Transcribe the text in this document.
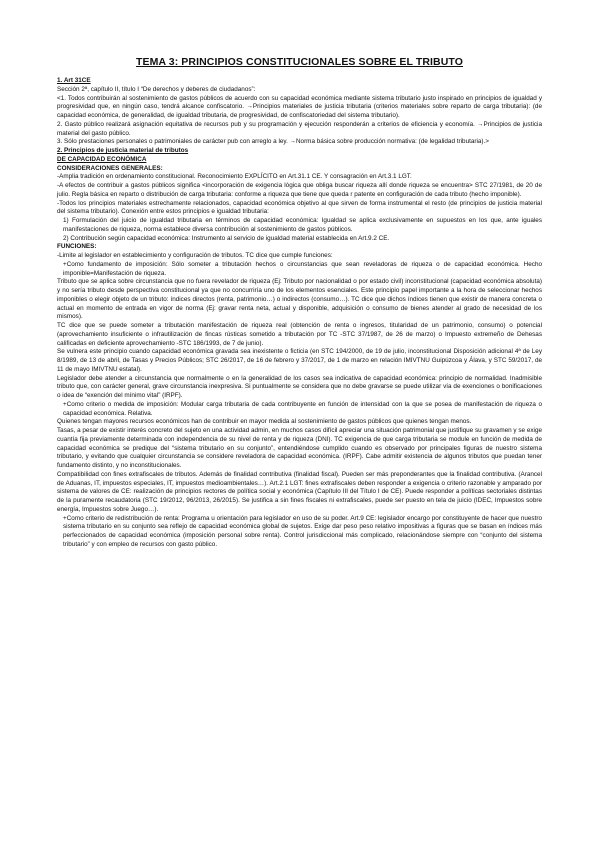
TEMA 3: PRINCIPIOS CONSTITUCIONALES SOBRE EL TRIBUTO

1. Art 31CE

Sección 2ª, capítulo II, título I “De derechos y deberes de ciudadanos”:

<1. Todos contribuirán al sostenimiento de gastos públicos de acuerdo con su capacidad económica mediante sistema tributario justo inspirado en principios de igualdad y progresividad que, en ningún caso, tendrá alcance confiscatorio. →Principios materiales de justicia tributaria (criterios materiales sobre reparto de carga tributaria): (de capacidad económica, de generalidad, de igualdad tributaria, de progresividad, de confiscatoriedad del sistema tributario).

2. Gasto público realizará asignación equitativa de recursos pub y su programación y ejecución responderán a criterios de eficiencia y economía. →Principios de justicia material del gasto público.

3. Sólo prestaciones personales o patrimoniales de carácter pub con arreglo a ley. →Norma básica sobre producción normativa: (de legalidad tributaria).>

2. Principios de justicia material de tributos

DE CAPACIDAD ECONÓMICA

CONSIDERACIONES GENERALES:

-Amplia tradición en ordenamiento constitucional. Reconocimiento EXPLÍCITO en Art.31.1 CE. Y consagración en Art.3.1 LGT.

-A efectos de contribuir a gastos públicos significa <incorporación de exigencia lógica que obliga buscar riqueza allí donde riqueza se encuentra> STC 27/1981, de 20 de julio. Regla básica en reparto o distribución de carga tributaria: conforme a riqueza que tiene que queda r patente en configuración de cada tributo (hecho imponible).

-Todos los principios materiales estrechamente relacionados, capacidad económica objetivo al que sirven de forma instrumental el resto (de principios de justicia material del sistema tributario). Conexión entre estos principios e igualdad tributaria:

1) Formulación del juicio de igualdad tributaria en términos de capacidad económica: Igualdad se aplica exclusivamente en supuestos en los que, ante iguales manifestaciones de riqueza, norma establece diversa contribución al sostenimiento de gastos públicos.

2) Contribución según capacidad económica: Instrumento al servicio de igualdad material establecida en Art.9.2 CE.

FUNCIONES:

-Limite al legislador en establecimiento y configuración de tributos. TC dice que cumple funciones:

+Como fundamento de imposición: Sólo someter a tributación hechos o circunstancias que sean reveladoras de riqueza o de capacidad económica. Hecho imponible=Manifestación de riqueza.

Tributo que se aplica sobre circunstancia que no fuera revelador de riqueza (Ej: Tributo por nacionalidad o por estado civil) inconstitucional (capacidad económica absoluta) y no sería tributo desde perspectiva constitucional ya que no concurriría uno de los elementos esenciales. Este principio papel importante a la hora de seleccionar hechos imponibles o elegir objeto de un tributo: índices directos (renta, patrimonio…) o indirectos (consumo…). TC dice que dichos índices tienen que existir de manera concreta o actual en momento de entrada en vigor de norma (Ej: gravar renta neta, actual y disponible, adquisición o consumo de bienes atender al grado de necesidad de los mismos).

TC dice que se puede someter a tributación manifestación de riqueza real (obtención de renta o ingresos, titularidad de un patrimonio, consumo) o potencial (aprovechamiento insuficiente o infrautilización de fincas rústicas sometido a tributación por TC -STC 37/1987, de 26 de marzo) o Impuesto extremeño de Dehesas calificadas en deficiente aprovechamiento -STC 186/1993, de 7 de junio).

Se vulnera este principio cuando capacidad económica gravada sea inexistente o ficticia (en STC 194/2000, de 19 de julio, inconstitucional Disposición adicional 4ª de Ley 8/1989, de 13 de abril, de Tasas y Precios Públicos; STC 26/2017, de 16 de febrero y 37/2017, de 1 de marzo en relación IMIVTNU Guipúzcoa y Álava, y STC 59/2017, de 11 de mayo IMIVTNU estatal).

Legislador debe atender a circunstancia que normalmente o en la generalidad de los casos sea indicativa de capacidad económica: principio de normalidad. Inadmisible tributo que, con carácter general, grave circunstancia inexpresiva. Si puntualmente se considera que no debe gravarse se puede utilizar vía de exenciones o bonificaciones o idea de “exención del mínimo vital” (IRPF).

+Como criterio o medida de imposición: Modular carga tributaria de cada contribuyente en función de intensidad con la que se posea de manifestación de riqueza o capacidad económica. Relativa.

Quienes tengan mayores recursos económicos han de contribuir en mayor medida al sostenimiento de gastos públicos que quienes tengan menos.

Tasas, a pesar de existir interés concreto del sujeto en una actividad admin, en muchos casos difícil apreciar una situación patrimonial que justifique su gravamen y se exige cuantía fija previamente determinada con independencia de su nivel de renta y de riqueza (DNI). TC exigencia de que carga tributaria se module en función de medida de capacidad económica se predique del “sistema tributario en su conjunto”, entendiéndose cumplido cuando es observado por principales figuras de nuestro sistema tributario, y evitando que cualquier circunstancia se considere reveladora de capacidad económica. (IRPF). Cabe admitir existencia de algunos tributos que puedan tener fundamento distinto, y no inconstitucionales.

Compatibilidad con fines extrafiscales de tributos. Además de finalidad contributiva (finalidad fiscal). Pueden ser más preponderantes que la finalidad contributiva. (Arancel de Aduanas, IT, impuestos especiales, IT, impuestos medioambientales…). Art.2.1 LGT: fines extrafiscales deben responder a exigencia o criterio razonable y amparado por sistema de valores de CE: realización de principios rectores de política social y económica (Capítulo III del Título I de CE). Puede responder a políticas sectoriales distintas de la puramente recaudatoria (STC 19/2012, 96/2013, 26/2015). Se justifica a sin fines fiscales ni extrafiscales, puede ser puesto en tela de juicio (IDEC, Impuestos sobre energía, Impuestos sobre Juego…).

+Como criterio de redistribución de renta: Programa u orientación para legislador en uso de su poder. Art.9 CE: legislador encargo por constituyente de hacer que nuestro sistema tributario en su conjunto sea reflejo de capacidad económica global de sujetos. Exige dar peso peso relativo impositivas a figuras que se basan en índices más perfeccionados de capacidad económica (imposición personal sobre renta). Control jurisdiccional más complicado, relacionándose siempre con “conjunto del sistema tributario” y con empleo de recursos con gasto público.
